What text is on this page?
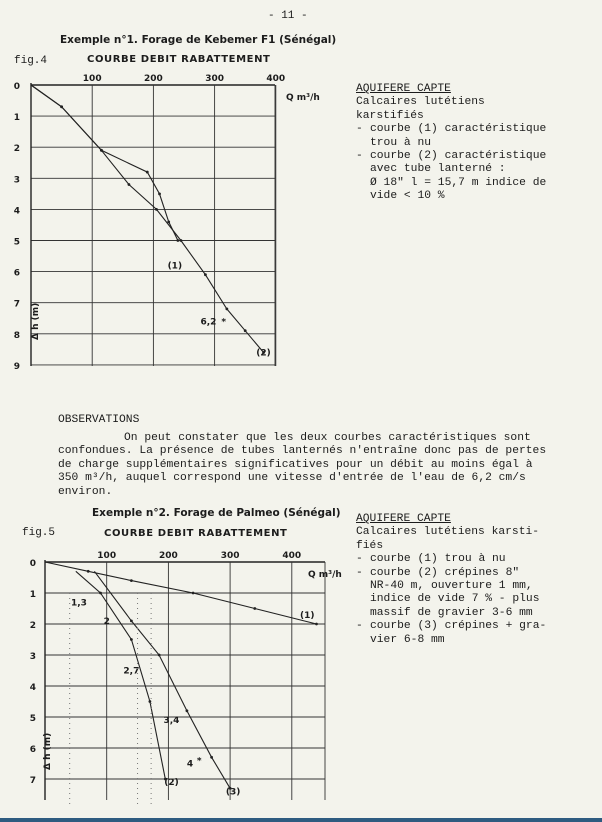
- 11 -
Exemple n°1. Forage de Kebemer F1 (Sénégal)
fig.4	COURBE DEBIT RABATTEMENT
0
1
2
3
4
5
6
7
8
9
100	200	300	400
Q m³/h
Δ h (m)
(1)
(2)
6,2 *
0
1
2
3
4
5
6
7
100	200	300	400
Q m³/h
Δ h (m)
1,3
2
2,7
3,4
4 *
(1)
(2)
(3)

AQUIFERE CAPTE

Calcaires lutétiens

karstifiés

- courbe (1) caractéristique

trou à nu

- courbe (2) caractéristique

avec tube lanterné :

Ø 18" l = 15,7 m indice de

vide < 10 %

OBSERVATIONS

On peut constater que les deux courbes caractéristiques sont

confondues. La présence de tubes lanternés n'entraîne donc pas de pertes

de charge supplémentaires significatives pour un débit au moins égal à

350 m³/h, auquel correspond une vitesse d'entrée de l'eau de 6,2 cm/s

environ.

Exemple n°2. Forage de Palmeo (Sénégal)
fig.5	COURBE DEBIT RABATTEMENT

AQUIFERE CAPTE

Calcaires lutétiens karsti-

fiés

- courbe (1) trou à nu

- courbe (2) crépines 8"

NR-40 m, ouverture 1 mm,

indice de vide 7 % - plus

massif de gravier 3-6 mm

- courbe (3) crépines + gra-

vier 6-8 mm
